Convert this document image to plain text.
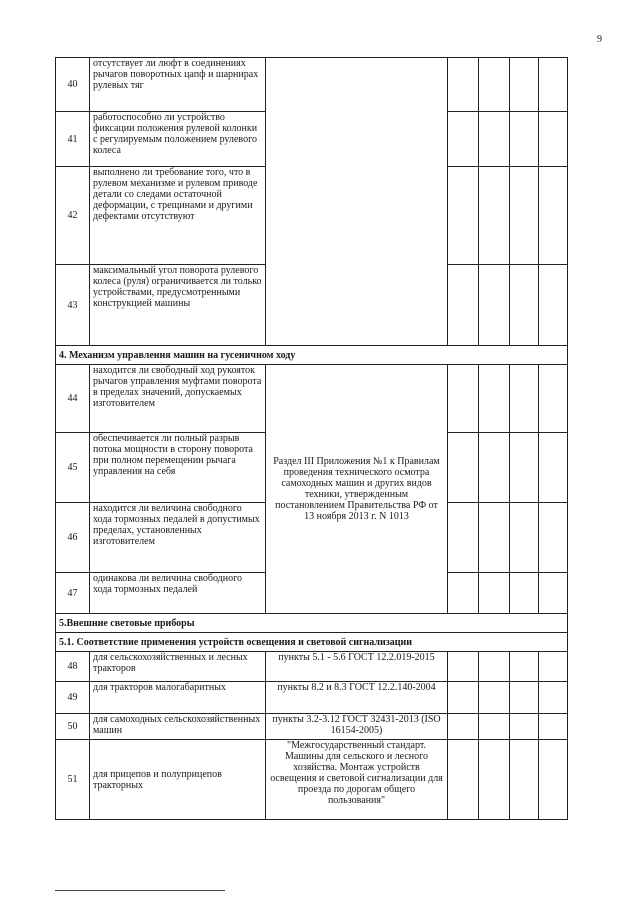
9
40	отсутствует ли люфт в соединениях рычагов поворотных цапф и шарнирах рулевых тяг					
41	работоспособно ли устройство фиксации положения рулевой колонки с регулируемым положением рулевого колеса					
42	выполнено ли требование того, что в рулевом механизме и рулевом приводе детали со следами остаточной деформации, с трещинами и другими дефектами отсутствуют					
43	максимальный угол поворота рулевого колеса (руля) ограничивается ли только устройствами, предусмотренными конструкцией машины					
4. Механизм управления машин на гусеничном ходу						
44	находится ли свободный ход рукояток рычагов управления муфтами поворота в пределах значений, допускаемых изготовителем	Раздел III Приложения №1 к Правилам проведения технического осмотра самоходных машин и других видов техники, утвержденным постановлением Правительства РФ от 13 ноября 2013 г. N 1013				
45	обеспечивается ли полный разрыв потока мощности в сторону поворота при полном перемещении рычага управления на себя					
46	находится ли величина свободного хода тормозных педалей в допустимых пределах, установленных изготовителем					
47	одинакова ли величина свободного хода тормозных педалей					
5.Внешние световые приборы						
5.1. Соответствие применения устройств освещения и световой сигнализации						
48	для сельскохозяйственных и лесных тракторов	пункты 5.1 - 5.6 ГОСТ 12.2.019-2015				
49	для тракторов малогабаритных	пункты 8.2 и 8.3 ГОСТ 12.2.140-2004				
50	для самоходных сельскохозяйственных машин	пункты 3.2-3.12 ГОСТ 32431-2013 (ISO 16154-2005)				
51	для прицепов и полуприцепов тракторных	"Межгосударственный стандарт. Машины для сельского и лесного хозяйства. Монтаж устройств освещения и световой сигнализации для проезда по дорогам общего пользования"				
